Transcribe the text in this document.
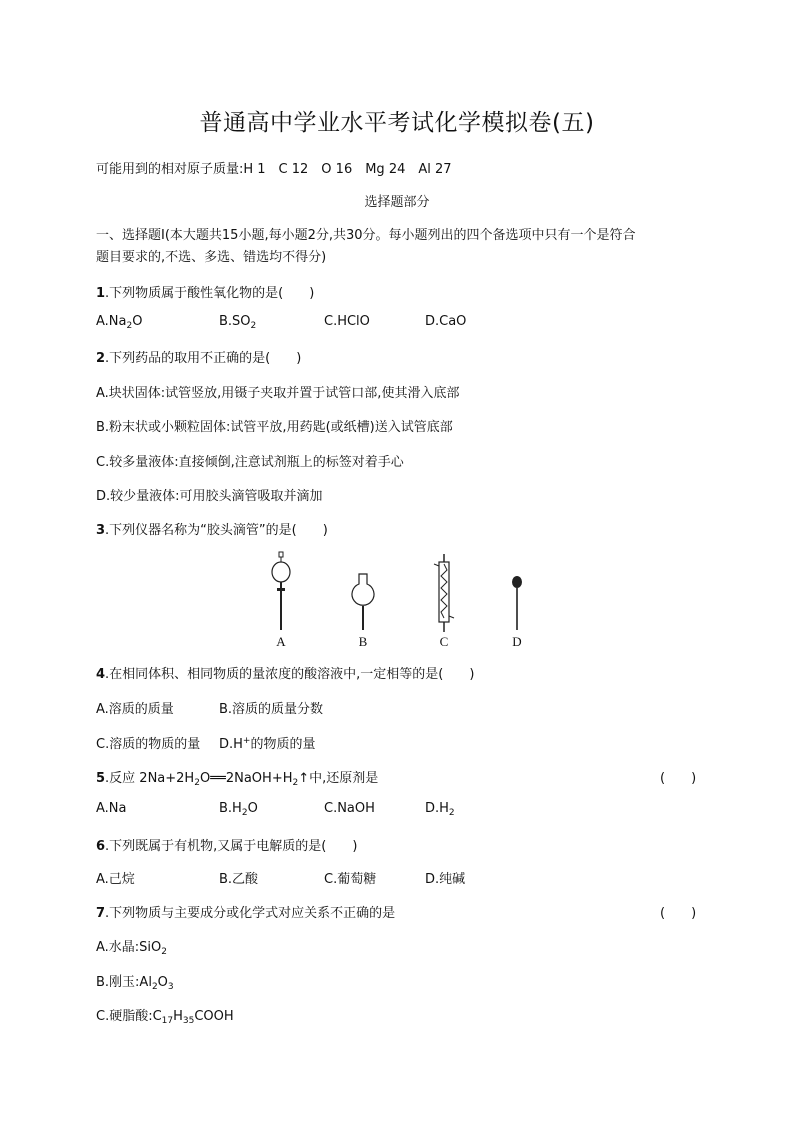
普通高中学业水平考试化学模拟卷(五)
可能用到的相对原子质量:H 1　C 12　O 16　Mg 24　Al 27
选择题部分
一、选择题Ⅰ(本大题共15小题,每小题2分,共30分。每小题列出的四个备选项中只有一个是符合
题目要求的,不选、多选、错选均不得分)
1.下列物质属于酸性氧化物的是(　　)
$A.Na_2O$	$B.SO_2$	C.HClO	D.CaO
2.下列药品的取用不正确的是(　　)
A.块状固体:试管竖放,用镊子夹取并置于试管口部,使其滑入底部
B.粉末状或小颗粒固体:试管平放,用药匙(或纸槽)送入试管底部
C.较多量液体:直接倾倒,注意试剂瓶上的标签对着手心
D.较少量液体:可用胶头滴管吸取并滴加
3.下列仪器名称为“胶头滴管”的是(　　)
A	B	C	D
4.在相同体积、相同物质的量浓度的酸溶液中,一定相等的是(　　)
A.溶质的质量	B.溶质的质量分数
C.溶质的物质的量 D.H+的物质的量
5.反应 $2Na+2H_2O══2NaOH+H_2↑$中,还原剂是	(　　)
A.Na	$B.H_2O$	C.NaOH	$D.H_2$
6.下列既属于有机物,又属于电解质的是(　　)
A.己烷	B.乙酸	C.葡萄糖	D.纯碱
7.下列物质与主要成分或化学式对应关系不正确的是	(　　)
A.水晶:SiO$_2$
B.刚玉$:Al_2O_3$
C.硬脂酸$:C_{17}H_{35}COOH$
